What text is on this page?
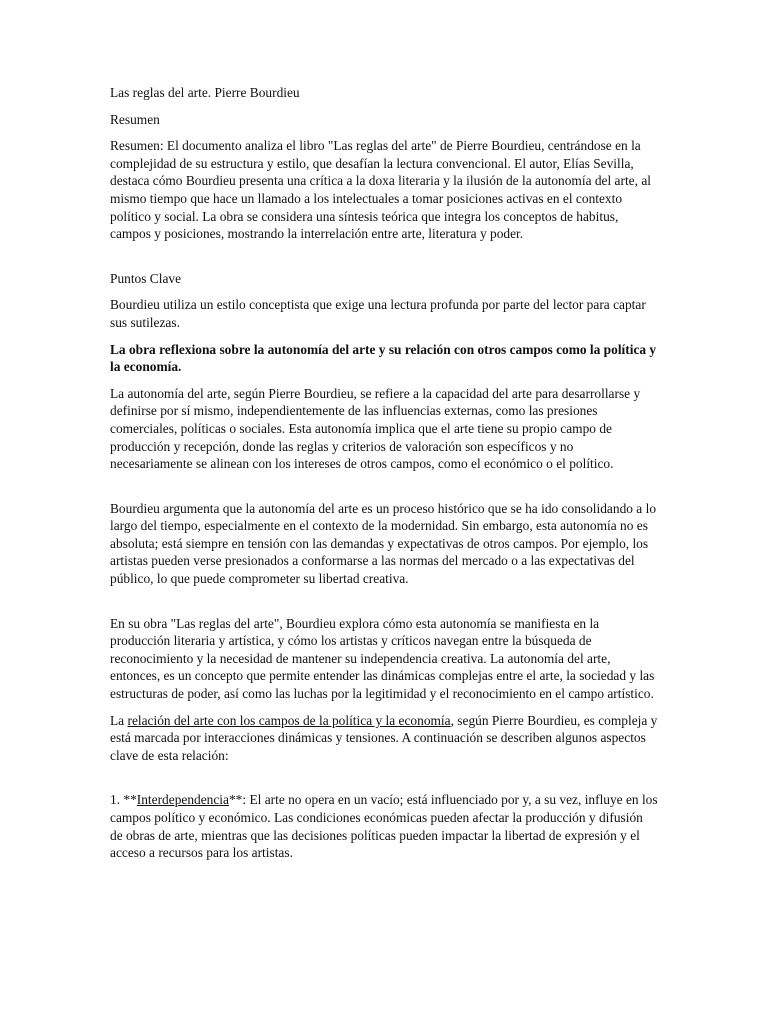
Las reglas del arte. Pierre Bourdieu

Resumen

Resumen: El documento analiza el libro "Las reglas del arte" de Pierre Bourdieu, centrándose en la complejidad de su estructura y estilo, que desafían la lectura convencional. El autor, Elías Sevilla, destaca cómo Bourdieu presenta una crítica a la doxa literaria y la ilusión de la autonomía del arte, al mismo tiempo que hace un llamado a los intelectuales a tomar posiciones activas en el contexto político y social. La obra se considera una síntesis teórica que integra los conceptos de habitus, campos y posiciones, mostrando la interrelación entre arte, literatura y poder.

Puntos Clave

Bourdieu utiliza un estilo conceptista que exige una lectura profunda por parte del lector para captar sus sutilezas.

La obra reflexiona sobre la autonomía del arte y su relación con otros campos como la política y la economía.

La autonomía del arte, según Pierre Bourdieu, se refiere a la capacidad del arte para desarrollarse y definirse por sí mismo, independientemente de las influencias externas, como las presiones comerciales, políticas o sociales. Esta autonomía implica que el arte tiene su propio campo de producción y recepción, donde las reglas y criterios de valoración son específicos y no necesariamente se alinean con los intereses de otros campos, como el económico o el político.

Bourdieu argumenta que la autonomía del arte es un proceso histórico que se ha ido consolidando a lo largo del tiempo, especialmente en el contexto de la modernidad. Sin embargo, esta autonomía no es absoluta; está siempre en tensión con las demandas y expectativas de otros campos. Por ejemplo, los artistas pueden verse presionados a conformarse a las normas del mercado o a las expectativas del público, lo que puede comprometer su libertad creativa.

En su obra "Las reglas del arte", Bourdieu explora cómo esta autonomía se manifiesta en la producción literaria y artística, y cómo los artistas y críticos navegan entre la búsqueda de reconocimiento y la necesidad de mantener su independencia creativa. La autonomía del arte, entonces, es un concepto que permite entender las dinámicas complejas entre el arte, la sociedad y las estructuras de poder, así como las luchas por la legitimidad y el reconocimiento en el campo artístico.

La relación del arte con los campos de la política y la economía, según Pierre Bourdieu, es compleja y está marcada por interacciones dinámicas y tensiones. A continuación se describen algunos aspectos clave de esta relación:

1. **Interdependencia**: El arte no opera en un vacío; está influenciado por y, a su vez, influye en los campos político y económico. Las condiciones económicas pueden afectar la producción y difusión de obras de arte, mientras que las decisiones políticas pueden impactar la libertad de expresión y el acceso a recursos para los artistas.
